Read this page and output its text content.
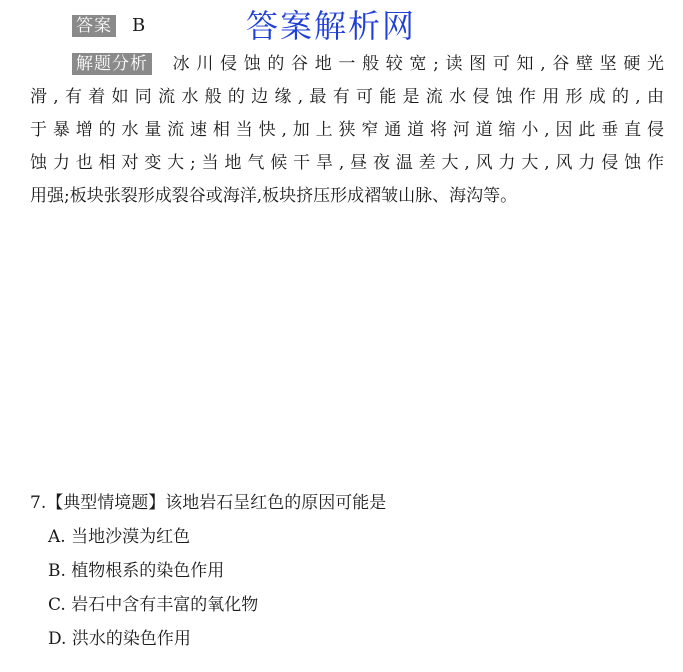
答案 B	答案解析网

解题分析 冰川侵蚀的谷地一般较宽;读图可知,谷壁坚硬光

滑,有着如同流水般的边缘,最有可能是流水侵蚀作用形成的,由

于暴增的水量流速相当快,加上狭窄通道将河道缩小,因此垂直侵

蚀力也相对变大;当地气候干旱,昼夜温差大,风力大,风力侵蚀作

用强;板块张裂形成裂谷或海洋,板块挤压形成褶皱山脉、海沟等。

7.【典型情境题】该地岩石呈红色的原因可能是

A. 当地沙漠为红色

B. 植物根系的染色作用

C. 岩石中含有丰富的氧化物

D. 洪水的染色作用
